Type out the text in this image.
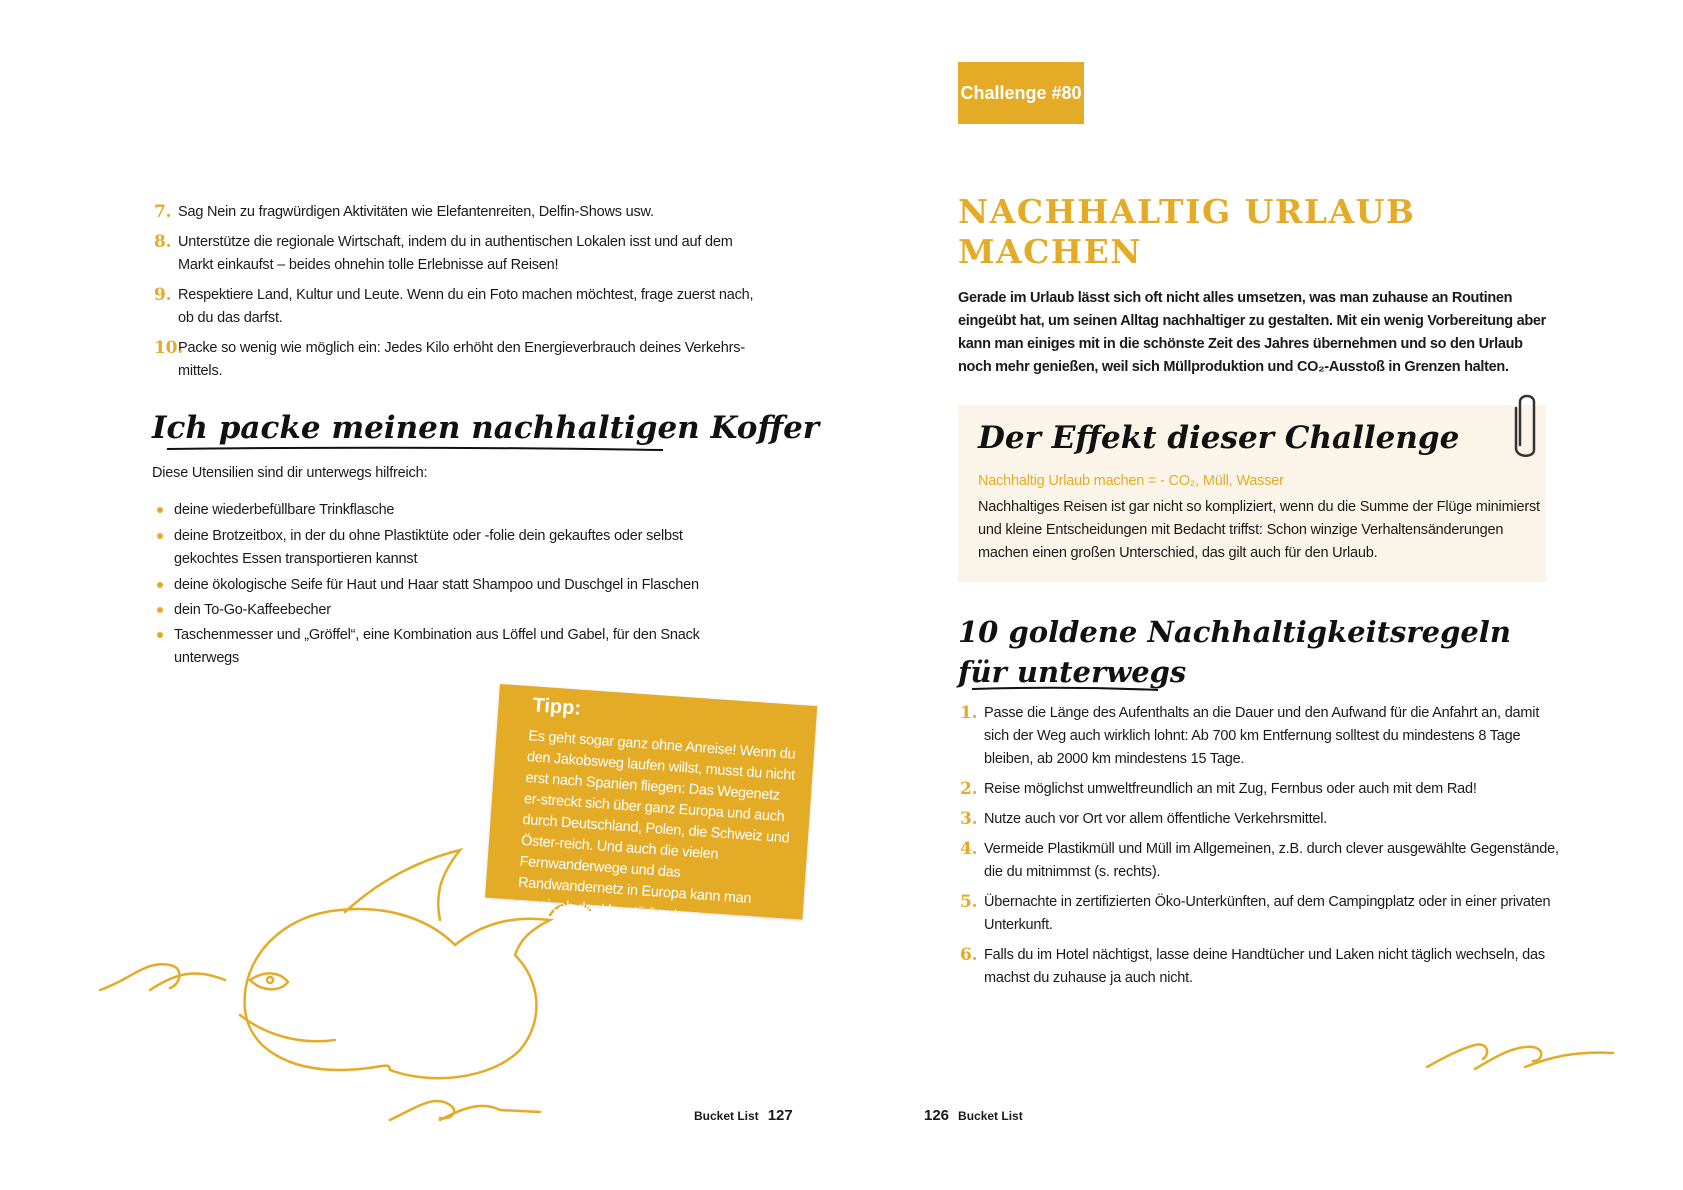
7. Sag Nein zu fragwürdigen Aktivitäten wie Elefantenreiten, Delfin-Shows usw.
8. Unterstütze die regionale Wirtschaft, indem du in authentischen Lokalen isst und auf dem Markt einkaufst – beides ohnehin tolle Erlebnisse auf Reisen!
9. Respektiere Land, Kultur und Leute. Wenn du ein Foto machen möchtest, frage zuerst nach, ob du das darfst.
10.
Packe so wenig wie möglich ein: Jedes Kilo erhöht den Energieverbrauch deines Verkehrs-mittels.
Ich packe meinen nachhaltigen Koffer
Diese Utensilien sind dir unterwegs hilfreich:
deine wiederbefüllbare Trinkflasche
deine Brotzeitbox, in der du ohne Plastiktüte oder -folie dein gekauftes oder selbst gekochtes Essen transportieren kannst
deine ökologische Seife für Haut und Haar statt Shampoo und Duschgel in Flaschen
dein To-Go-Kaffeebecher
Taschenmesser und „Gröffel“, eine Kombination aus Löffel und Gabel, für den Snack unterwegs
Tipp:
Es geht sogar ganz ohne Anreise! Wenn du den Jakobsweg laufen willst, musst du nicht erst nach Spanien fliegen: Das Wegenetz er-streckt sich über ganz Europa und auch durch Deutschland, Polen, die Schweiz und Öster-reich. Und auch die vielen Fernwanderwege und das Randwandernetz in Europa kann man quasi „ab der Haustür“ nutzen.
Bucket List 127
Challenge #80
NACHHALTIG URLAUB
MACHEN
Gerade im Urlaub lässt sich oft nicht alles umsetzen, was man zuhause an Routinen eingeübt hat, um seinen Alltag nachhaltiger zu gestalten. Mit ein wenig Vorbereitung aber kann man einiges mit in die schönste Zeit des Jahres übernehmen und so den Urlaub noch mehr genießen, weil sich Müllproduktion und CO₂-Ausstoß in Grenzen halten.
Der Effekt dieser Challenge
Nachhaltig Urlaub machen = - CO₂, Müll, Wasser
Nachhaltiges Reisen ist gar nicht so kompliziert, wenn du die Summe der Flüge minimierst und kleine Entscheidungen mit Bedacht triffst: Schon winzige Verhaltensänderungen machen einen großen Unterschied, das gilt auch für den Urlaub.
10 goldene Nachhaltigkeitsregeln
für unterwegs
1. Passe die Länge des Aufenthalts an die Dauer und den Aufwand für die Anfahrt an, damit sich der Weg auch wirklich lohnt: Ab 700 km Entfernung solltest du mindestens 8 Tage bleiben, ab 2000 km mindestens 15 Tage.
2. Reise möglichst umweltfreundlich an mit Zug, Fernbus oder auch mit dem Rad!
3. Nutze auch vor Ort vor allem öffentliche Verkehrsmittel.
4. Vermeide Plastikmüll und Müll im Allgemeinen, z.B. durch clever ausgewählte Gegenstände, die du mitnimmst (s. rechts).
5. Übernachte in zertifizierten Öko-Unterkünften, auf dem Campingplatz oder in einer privaten Unterkunft.
6. Falls du im Hotel nächtigst, lasse deine Handtücher und Laken nicht täglich wechseln, das machst du zuhause ja auch nicht.
126 Bucket List
